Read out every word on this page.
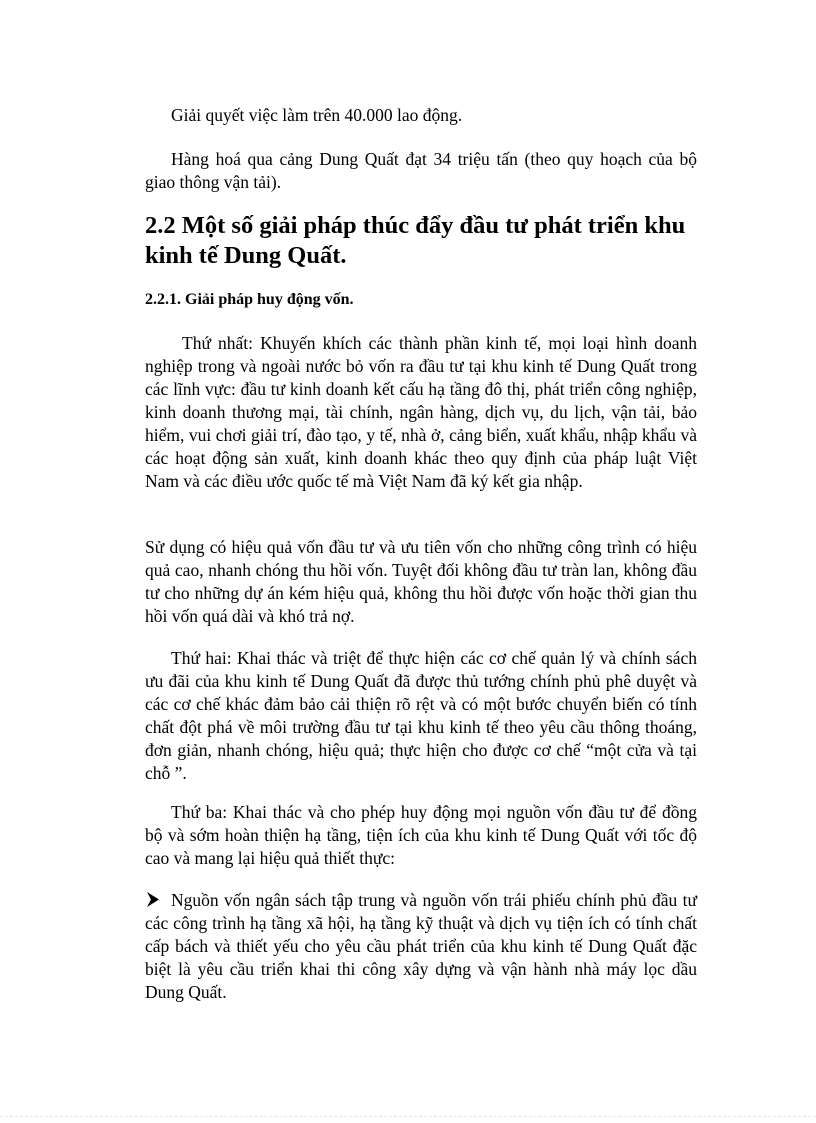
Giải quyết việc làm trên 40.000 lao động.

Hàng hoá qua cảng Dung Quất đạt 34 triệu tấn (theo quy hoạch của bộ giao thông vận tải).

2.2 Một số giải pháp thúc đẩy đầu tư phát triển khu kinh tế Dung Quất.
2.2.1. Giải pháp huy động vốn.

Thứ nhất: Khuyến khích các thành phần kinh tế, mọi loại hình doanh nghiệp trong và ngoài nước bỏ vốn ra đầu tư tại khu kinh tế Dung Quất trong các lĩnh vực: đầu tư kinh doanh kết cấu hạ tầng đô thị, phát triển công nghiệp, kinh doanh thương mại, tài chính, ngân hàng, dịch vụ, du lịch, vận tải, bảo hiểm, vui chơi giải trí, đào tạo, y tế, nhà ở, cảng biển, xuất khẩu, nhập khẩu và các hoạt động sản xuất, kinh doanh khác theo quy định của pháp luật Việt Nam và các điều ước quốc tế mà Việt Nam đã ký kết gia nhập.

Sử dụng có hiệu quả vốn đầu tư và ưu tiên vốn cho những công trình có hiệu quả cao, nhanh chóng thu hồi vốn. Tuyệt đối không đầu tư tràn lan, không đầu tư cho những dự án kém hiệu quả, không thu hồi được vốn hoặc thời gian thu hồi vốn quá dài và khó trả nợ.

Thứ hai: Khai thác và triệt để thực hiện các cơ chế quản lý và chính sách ưu đãi của khu kinh tế Dung Quất đã được thủ tướng chính phủ phê duyệt và các cơ chế khác đảm bảo cải thiện rõ rệt và có một bước chuyển biến có tính chất đột phá về môi trường đầu tư tại khu kinh tế theo yêu cầu thông thoáng, đơn giản, nhanh chóng, hiệu quả; thực hiện cho được cơ chế “một cửa và tại chỗ ”.

Thứ ba: Khai thác và cho phép huy động mọi nguồn vốn đầu tư để đồng bộ và sớm hoàn thiện hạ tầng, tiện ích của khu kinh tế Dung Quất với tốc độ cao và mang lại hiệu quả thiết thực:

Nguồn vốn ngân sách tập trung và nguồn vốn trái phiếu chính phủ đầu tư các công trình hạ tầng xã hội, hạ tầng kỹ thuật và dịch vụ tiện ích có tính chất cấp bách và thiết yếu cho yêu cầu phát triển của khu kinh tế Dung Quất đặc biệt là yêu cầu triển khai thi công xây dựng và vận hành nhà máy lọc dầu Dung Quất.
